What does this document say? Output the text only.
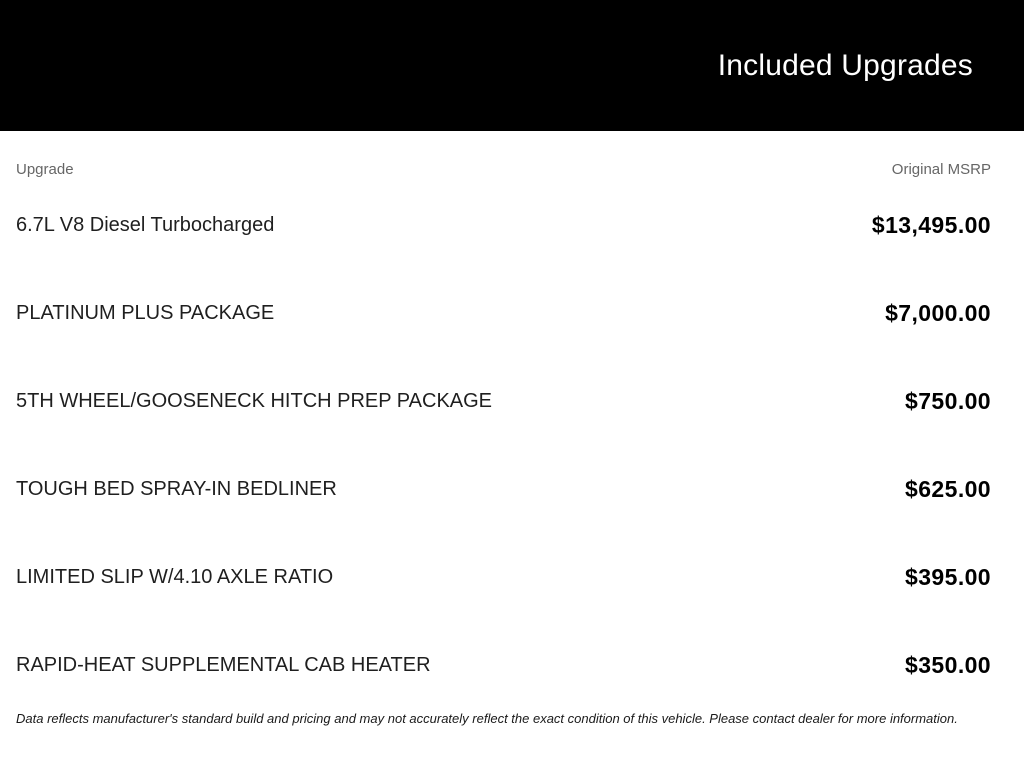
Included Upgrades
Upgrade	Original MSRP
6.7L V8 Diesel Turbocharged	$13,495.00
PLATINUM PLUS PACKAGE	$7,000.00
5TH WHEEL/GOOSENECK HITCH PREP PACKAGE	$750.00
TOUGH BED SPRAY-IN BEDLINER	$625.00
LIMITED SLIP W/4.10 AXLE RATIO	$395.00
RAPID-HEAT SUPPLEMENTAL CAB HEATER	$350.00

Data reflects manufacturer's standard build and pricing and may not accurately reflect the exact condition of this vehicle. Please contact dealer for more information.
